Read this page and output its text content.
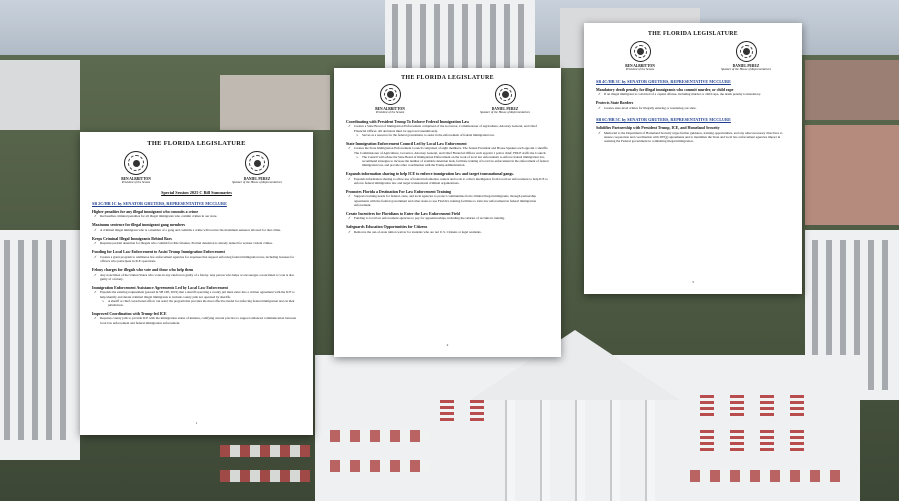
THE FLORIDA LEGISLATURE
BEN ALBRITTON
President of the Senate
DANIEL PEREZ
Speaker of the House of Representatives
Special Session 2025 C Bill Summaries
SB 2C/HB 1C by SENATOR GRUTERS, REPRESENTATIVE MCCLURE
Higher penalties for any illegal immigrant who commits a crime
✓ Reclassifies criminal penalties for all illegal immigrants who commit crimes in our state.
Maximum sentence for illegal immigrant gang members
✓ A criminal illegal immigrant who is a member of a gang and commits a crime will receive the maximum sentence allowed for that crime.
Keeps Criminal Illegal Immigrants Behind Bars
✓ Requires pretrial detention for illegals who commit forcible felonies. Pretrial detention is already denied for serious violent crimes.
Funding for Local Law Enforcement to Assist Trump Immigration Enforcement
✓ Creates a grant program to reimburse law enforcement agencies for expenses that support enforcing federal immigration law, including bonuses for officers who participate in ICE operations.
Felony charges for illegals who vote and those who help them
✓ Any noncitizen of the United States who votes in any election is guilty of a felony. Any person who helps or encourages a noncitizen to vote is also guilty of a felony.
Immigration Enforcement Assistance Agreements Led by Local Law Enforcement
✓ Expands the existing requirement (passed in SB 168, 2019) that a sheriff operating a county jail must enter into a written agreement with the ICE to help identify and detain criminal illegal immigrants to include county jails not operated by sheriffs.
➢	A sheriff or chief correctional officer can select the program that provides the most effective model for enforcing federal immigration laws in their jurisdiction.
Improved Coordination with Trump-led ICE
✓ Requires county jails to provide ICE with the immigration status of inmates, codifying current practice to support enhanced communication between local law enforcement and federal immigration enforcement.
1
THE FLORIDA LEGISLATURE
BEN ALBRITTON
President of the Senate
DANIEL PEREZ
Speaker of the House of Representatives
Coordinating with President Trump To Enforce Federal Immigration Law
✓ Creates a State Board of Immigration Enforcement comprised of the Governor, Commissioner of Agriculture, Attorney General, and Chief Financial Officer. All decisions must be approved unanimously.
➢	Serves as a resource for the federal government, to assist in the enforcement of federal immigration law.
State Immigration Enforcement Council Led by Local Law Enforcement
✓ Creates the State Immigration Enforcement Council comprised of eight members. The Senate President and House Speaker each appoint 1 sheriffs. The Commissioner of Agriculture, Governor, Attorney General, and Chief Financial Officer each appoint 1 police chief; FDLE staffs the Council.
➢	The Council will advise the State Board of Immigration Enforcement on the work of local law enforcement to enforce federal immigration law, recommend strategies to increase the number of available detention beds, facilitate training of local law enforcement in the enforcement of federal immigration law, and provide other coordination with the Trump Administration.
Expands information sharing to help ICE to enforce immigration law and target transnational gangs.
✓ Expands information sharing to allow use of federal information centers and tools to collect intelligence from local law enforcement to help ICE to enforce federal immigration law and target transnational criminal organizations.
Promotes Florida a Destination For Law Enforcement Training
✓ Supports training needs for federal, state, and local agencies to protect communities from criminal illegal immigrants, through partnership agreements with the federal government and other states to use Florida's training facilities to train law enforcement in federal immigration enforcement.
Create Incentives for Floridians to Enter the Law Enforcement Field
✓ Funding to local law enforcement agencies to pay for apprenticeships, including the salaries of recruits in training.
Safeguards Education Opportunities for Citizens
✓ Removes the out-of-state tuition waiver for students who are not U.S. Citizens or legal residents.
2
THE FLORIDA LEGISLATURE
BEN ALBRITTON
President of the Senate
DANIEL PEREZ
Speaker of the House of Representatives
SB 4C/HB 3C by SENATOR GRUTERS, REPRESENTATIVE MCCLURE
Mandatory death penalty for illegal immigrants who commit murder, or child rape
✓ If an illegal immigrant is convicted of a capital offense, including murder or child rape, the death penalty is mandatory.
Protects State Borders
✓ Creates state-level crimes for illegally entering or reentering our state.
SB 6C/HB 5C by SENATOR GRUTERS, REPRESENTATIVE MCCLURE
Solidifies Partnership with President Trump, ICE, and Homeland Security
✓ Memorial to the Department of Homeland Security urges further guidance, training opportunities, and any other necessary directives to ensure cooperation and coordination with 287(g) agreements and to maximize the State and local law enforcement agencies impact in assisting the Federal government in combatting illegal immigration.
3
